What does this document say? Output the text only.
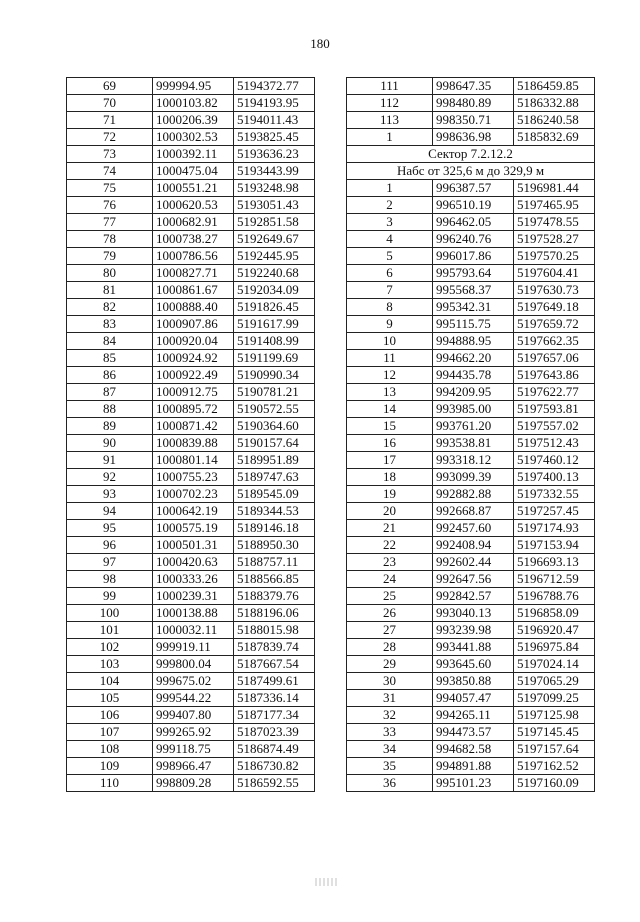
180
69	999994.95	5194372.77
70	1000103.82	5194193.95
71	1000206.39	5194011.43
72	1000302.53	5193825.45
73	1000392.11	5193636.23
74	1000475.04	5193443.99
75	1000551.21	5193248.98
76	1000620.53	5193051.43
77	1000682.91	5192851.58
78	1000738.27	5192649.67
79	1000786.56	5192445.95
80	1000827.71	5192240.68
81	1000861.67	5192034.09
82	1000888.40	5191826.45
83	1000907.86	5191617.99
84	1000920.04	5191408.99
85	1000924.92	5191199.69
86	1000922.49	5190990.34
87	1000912.75	5190781.21
88	1000895.72	5190572.55
89	1000871.42	5190364.60
90	1000839.88	5190157.64
91	1000801.14	5189951.89
92	1000755.23	5189747.63
93	1000702.23	5189545.09
94	1000642.19	5189344.53
95	1000575.19	5189146.18
96	1000501.31	5188950.30
97	1000420.63	5188757.11
98	1000333.26	5188566.85
99	1000239.31	5188379.76
100	1000138.88	5188196.06
101	1000032.11	5188015.98
102	999919.11	5187839.74
103	999800.04	5187667.54
104	999675.02	5187499.61
105	999544.22	5187336.14
106	999407.80	5187177.34
107	999265.92	5187023.39
108	999118.75	5186874.49
109	998966.47	5186730.82
110	998809.28	5186592.55
111	998647.35	5186459.85
112	998480.89	5186332.88
113	998350.71	5186240.58
1	998636.98	5185832.69
Сектор 7.2.12.2		
Набс от 325,6 м до 329,9 м		
1	996387.57	5196981.44
2	996510.19	5197465.95
3	996462.05	5197478.55
4	996240.76	5197528.27
5	996017.86	5197570.25
6	995793.64	5197604.41
7	995568.37	5197630.73
8	995342.31	5197649.18
9	995115.75	5197659.72
10	994888.95	5197662.35
11	994662.20	5197657.06
12	994435.78	5197643.86
13	994209.95	5197622.77
14	993985.00	5197593.81
15	993761.20	5197557.02
16	993538.81	5197512.43
17	993318.12	5197460.12
18	993099.39	5197400.13
19	992882.88	5197332.55
20	992668.87	5197257.45
21	992457.60	5197174.93
22	992408.94	5197153.94
23	992602.44	5196693.13
24	992647.56	5196712.59
25	992842.57	5196788.76
26	993040.13	5196858.09
27	993239.98	5196920.47
28	993441.88	5196975.84
29	993645.60	5197024.14
30	993850.88	5197065.29
31	994057.47	5197099.25
32	994265.11	5197125.98
33	994473.57	5197145.45
34	994682.58	5197157.64
35	994891.88	5197162.52
36	995101.23	5197160.09
